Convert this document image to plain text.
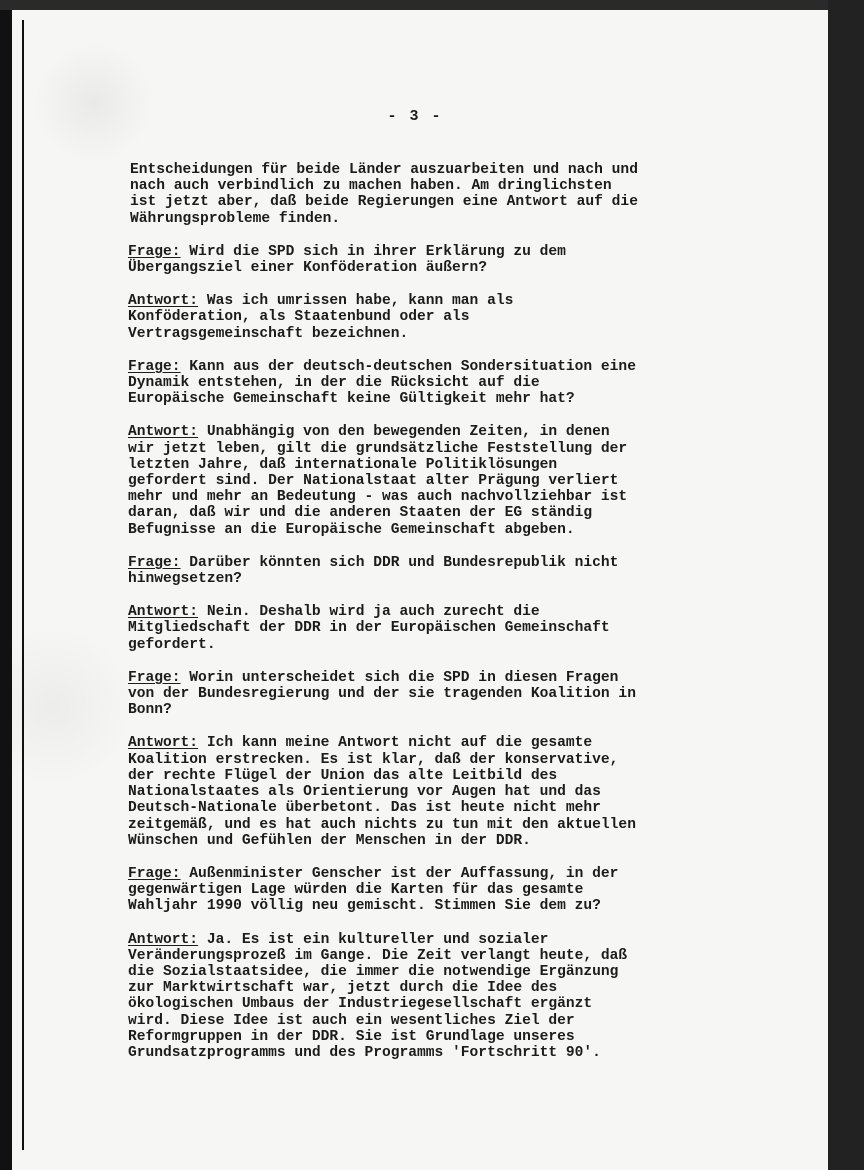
- 3 -
Entscheidungen für beide Länder auszuarbeiten und nach und
nach auch verbindlich zu machen haben. Am dringlichsten
ist jetzt aber, daß beide Regierungen eine Antwort auf die
Währungsprobleme finden.
Frage: Wird die SPD sich in ihrer Erklärung zu dem
Übergangsziel einer Konföderation äußern?
Antwort: Was ich umrissen habe, kann man als
Konföderation, als Staatenbund oder als
Vertragsgemeinschaft bezeichnen.
Frage: Kann aus der deutsch-deutschen Sondersituation eine
Dynamik entstehen, in der die Rücksicht auf die
Europäische Gemeinschaft keine Gültigkeit mehr hat?
Antwort: Unabhängig von den bewegenden Zeiten, in denen
wir jetzt leben, gilt die grundsätzliche Feststellung der
letzten Jahre, daß internationale Politiklösungen
gefordert sind. Der Nationalstaat alter Prägung verliert
mehr und mehr an Bedeutung - was auch nachvollziehbar ist
daran, daß wir und die anderen Staaten der EG ständig
Befugnisse an die Europäische Gemeinschaft abgeben.
Frage: Darüber könnten sich DDR und Bundesrepublik nicht
hinwegsetzen?
Antwort: Nein. Deshalb wird ja auch zurecht die
Mitgliedschaft der DDR in der Europäischen Gemeinschaft
gefordert.
Frage: Worin unterscheidet sich die SPD in diesen Fragen
von der Bundesregierung und der sie tragenden Koalition in
Bonn?
Antwort: Ich kann meine Antwort nicht auf die gesamte
Koalition erstrecken. Es ist klar, daß der konservative,
der rechte Flügel der Union das alte Leitbild des
Nationalstaates als Orientierung vor Augen hat und das
Deutsch-Nationale überbetont. Das ist heute nicht mehr
zeitgemäß, und es hat auch nichts zu tun mit den aktuellen
Wünschen und Gefühlen der Menschen in der DDR.
Frage: Außenminister Genscher ist der Auffassung, in der
gegenwärtigen Lage würden die Karten für das gesamte
Wahljahr 1990 völlig neu gemischt. Stimmen Sie dem zu?
Antwort: Ja. Es ist ein kultureller und sozialer
Veränderungsprozeß im Gange. Die Zeit verlangt heute, daß
die Sozialstaatsidee, die immer die notwendige Ergänzung
zur Marktwirtschaft war, jetzt durch die Idee des
ökologischen Umbaus der Industriegesellschaft ergänzt
wird. Diese Idee ist auch ein wesentliches Ziel der
Reformgruppen in der DDR. Sie ist Grundlage unseres
Grundsatzprogramms und des Programms 'Fortschritt 90'.
